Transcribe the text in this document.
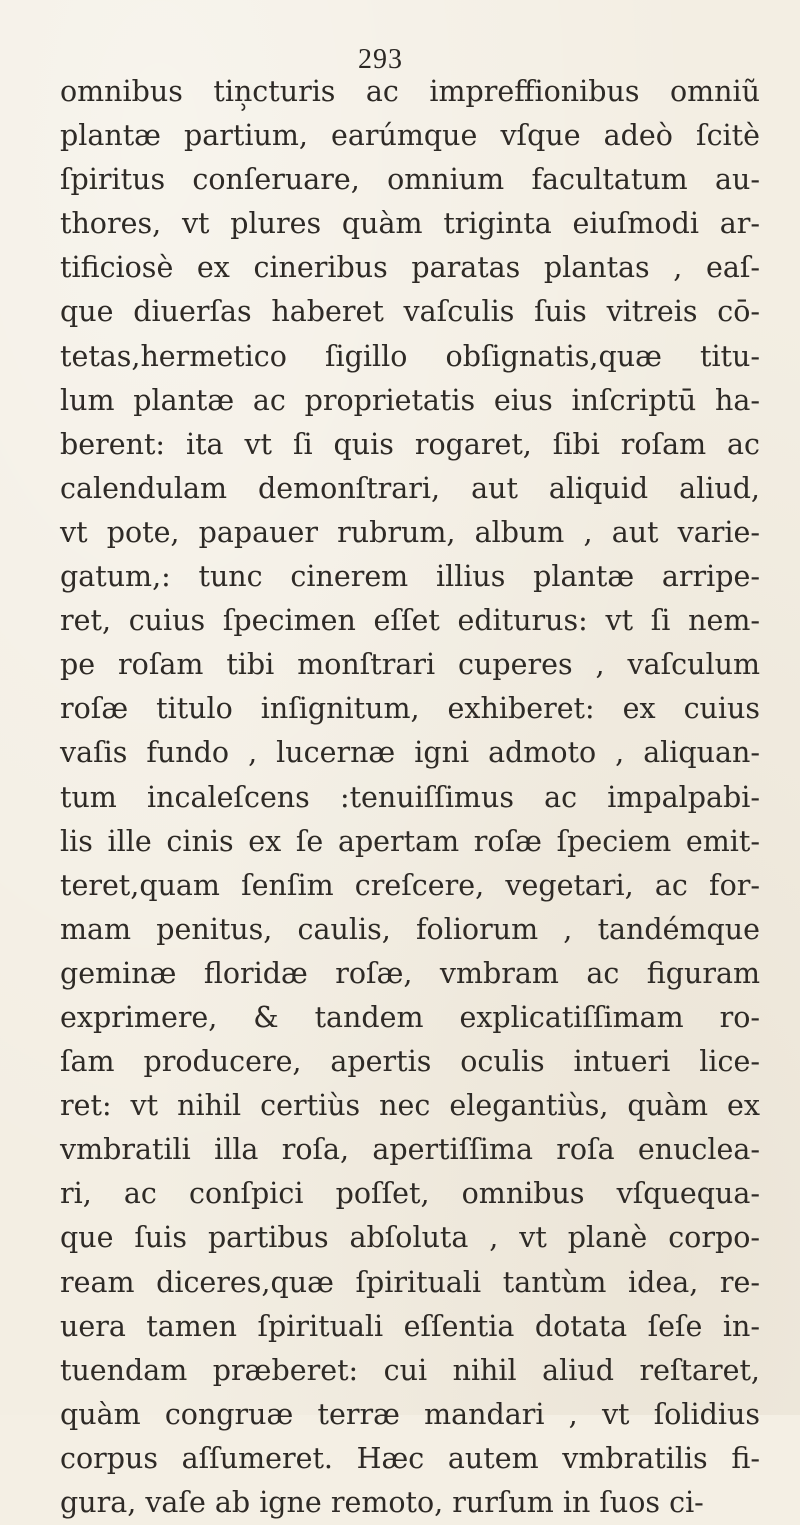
293
omnibus tin̹cturis ac impreffionibus omniũ
plantæ partium, earúmque vſque adeò ſcitè
ſpiritus conſeruare, omnium facultatum au-
thores, vt plures quàm triginta eiuſmodi ar-
tificiosè ex cineribus paratas plantas , eaſ-
que diuerſas haberet vaſculis ſuis vitreis cō-
tetas,hermetico ſigillo obſignatis,quæ titu-
lum plantæ ac proprietatis eius inſcriptū ha-
berent: ita vt ſi quis rogaret, ſibi roſam ac
calendulam demonſtrari, aut aliquid aliud,
vt pote, papauer rubrum, album , aut varie-
gatum,: tunc cinerem illius plantæ arripe-
ret, cuius ſpecimen eſſet editurus: vt ſi nem-
pe roſam tibi monſtrari cuperes , vaſculum
roſæ titulo inſignitum, exhiberet: ex cuius
vaſis fundo , lucernæ igni admoto , aliquan-
tum incaleſcens :tenuiſſimus ac impalpabi-
lis ille cinis ex ſe apertam roſæ ſpeciem emit-
teret,quam ſenſim creſcere, vegetari, ac for-
mam penitus, caulis, foliorum , tandémque
geminæ floridæ roſæ, vmbram ac figuram
exprimere, & tandem explicatiſſimam ro-
ſam producere, apertis oculis intueri lice-
ret: vt nihil certiùs nec elegantiùs, quàm ex
vmbratili illa roſa, apertiſſima roſa enuclea-
ri, ac conſpici poſſet, omnibus vſquequa-
que ſuis partibus abſoluta , vt planè corpo-
ream diceres,quæ ſpirituali tantùm idea, re-
uera tamen ſpirituali eſſentia dotata ſeſe in-
tuendam præberet: cui nihil aliud reſtaret,
quàm congruæ terræ mandari , vt ſolidius
corpus aſſumeret. Hæc autem vmbratilis fi-
gura, vaſe ab igne remoto, rurſum in ſuos ci-
